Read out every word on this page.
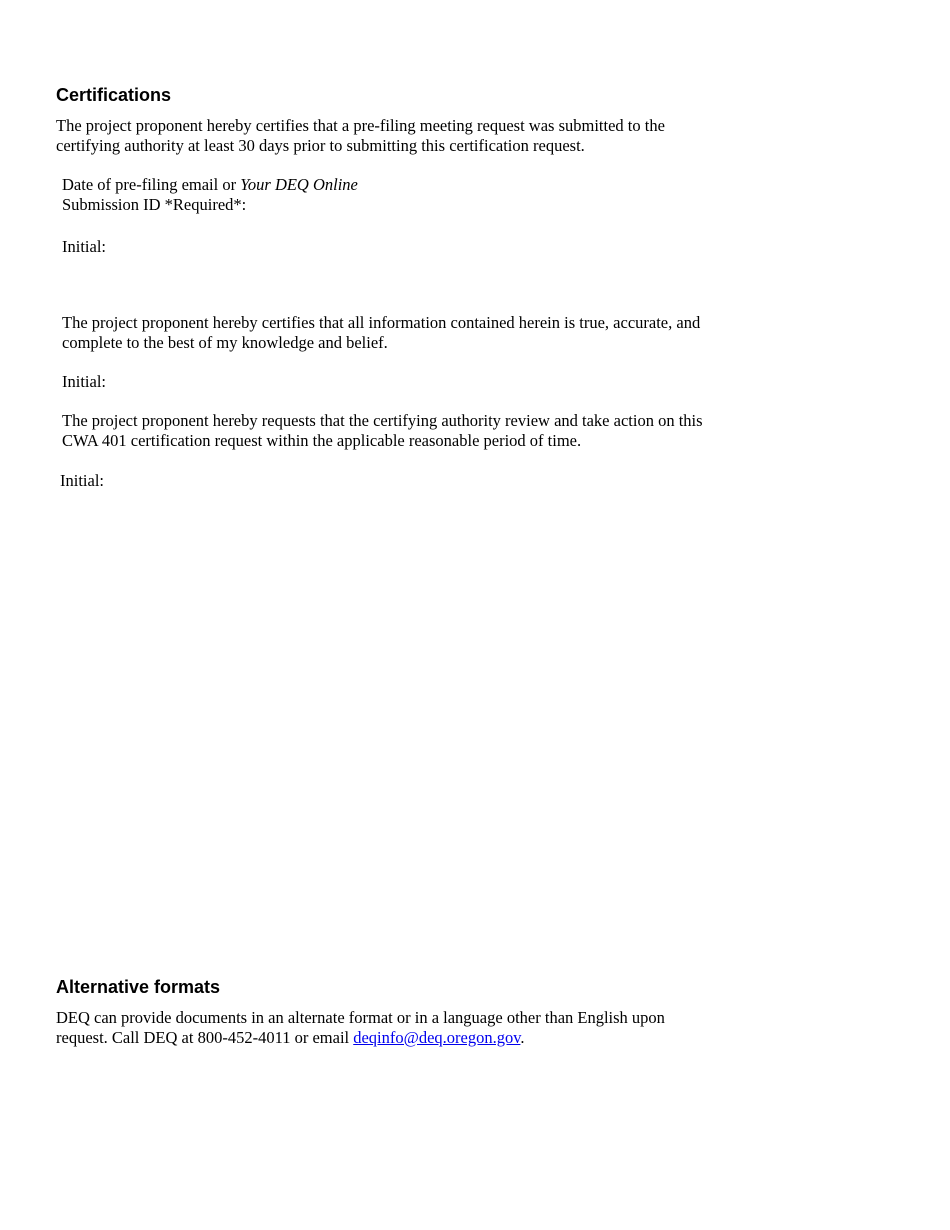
Certifications

The project proponent hereby certifies that a pre-filing meeting request was submitted to the
certifying authority at least 30 days prior to submitting this certification request.

Date of pre-filing email or Your DEQ Online
Submission ID *Required*:

Initial:

The project proponent hereby certifies that all information contained herein is true, accurate, and
complete to the best of my knowledge and belief.

Initial:

The project proponent hereby requests that the certifying authority review and take action on this
CWA 401 certification request within the applicable reasonable period of time.

Initial:

Alternative formats

DEQ can provide documents in an alternate format or in a language other than English upon
request. Call DEQ at 800-452-4011 or email deqinfo@deq.oregon.gov.
